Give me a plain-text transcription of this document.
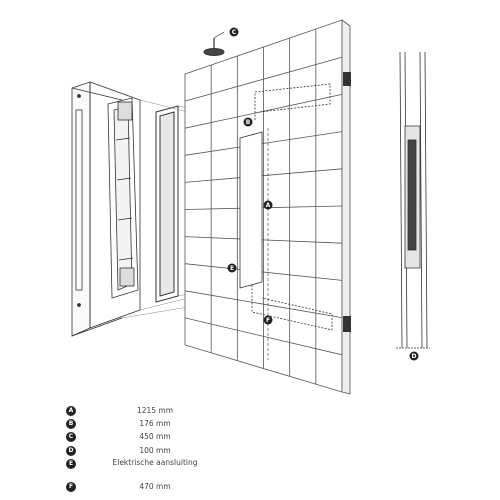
A
B
C
D
E
F
A	1215 mm
B	176 mm
C	450 mm
D	100 mm
E	Elektrische aansluiting
F	470 mm
